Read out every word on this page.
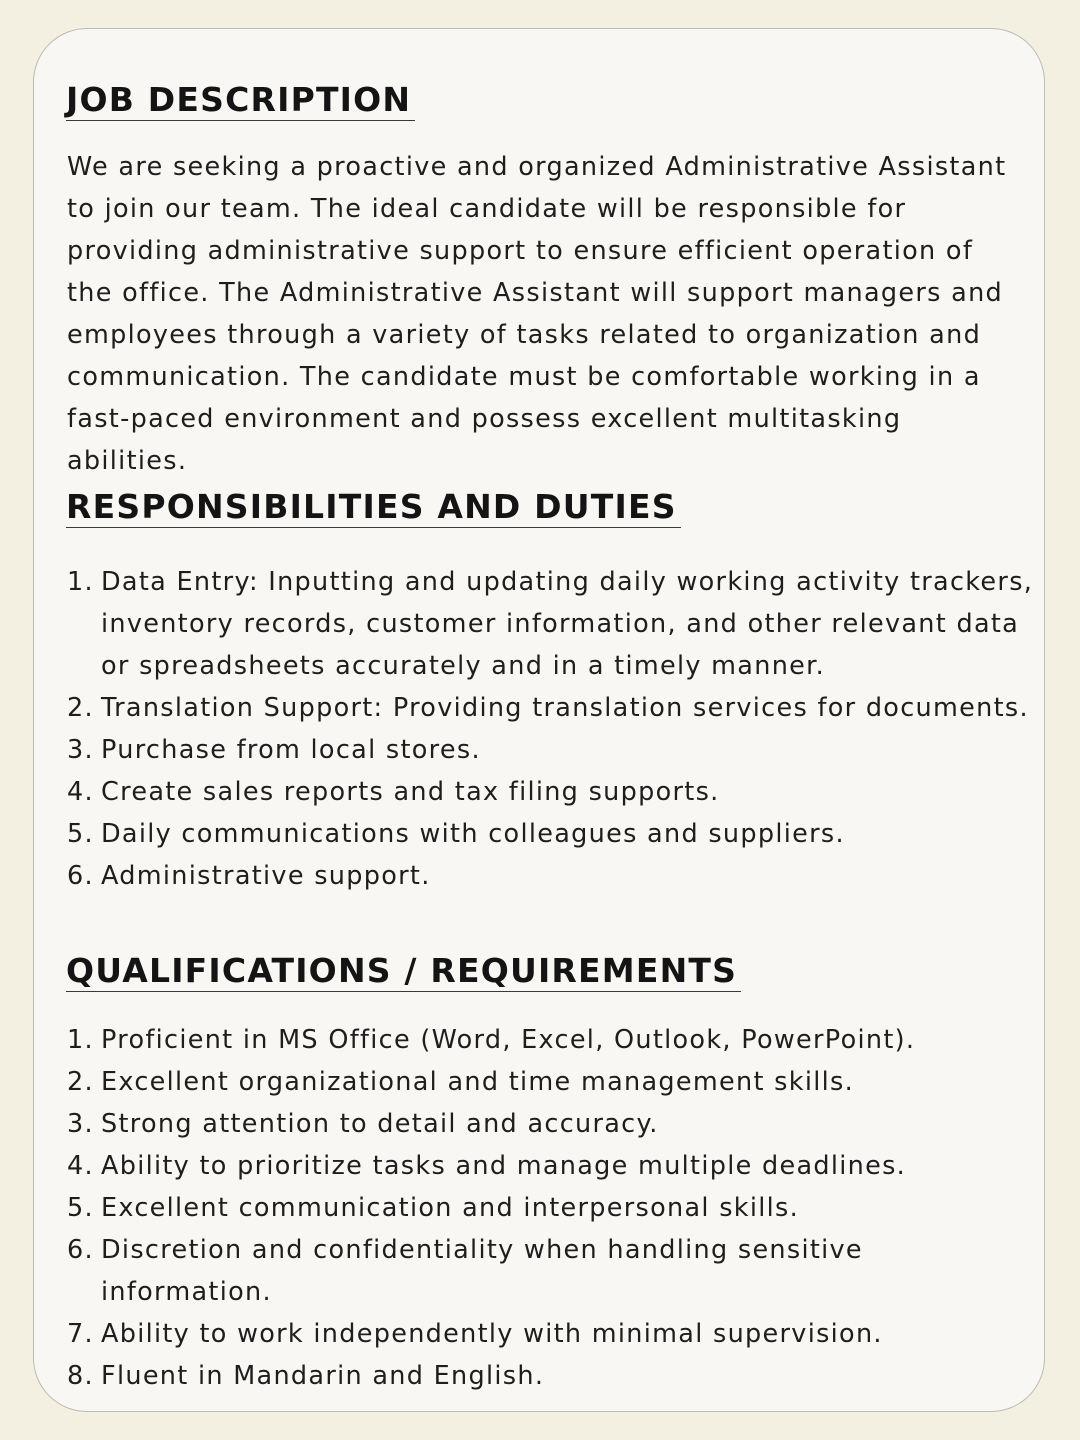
JOB DESCRIPTION

We are seeking a proactive and organized Administrative Assistant to join our team. The ideal candidate will be responsible for providing administrative support to ensure efficient operation of the office. The Administrative Assistant will support managers and employees through a variety of tasks related to organization and communication. The candidate must be comfortable working in a fast-paced environment and possess excellent multitasking abilities.

RESPONSIBILITIES AND DUTIES
1. Data Entry: Inputting and updating daily working activity trackers, inventory records, customer information, and other relevant data or spreadsheets accurately and in a timely manner.
2. Translation Support: Providing translation services for documents.
3. Purchase from local stores.
4. Create sales reports and tax filing supports.
5. Daily communications with colleagues and suppliers.
6. Administrative support.
QUALIFICATIONS / REQUIREMENTS
1. Proficient in MS Office (Word, Excel, Outlook, PowerPoint).
2. Excellent organizational and time management skills.
3. Strong attention to detail and accuracy.
4. Ability to prioritize tasks and manage multiple deadlines.
5. Excellent communication and interpersonal skills.
6. Discretion and confidentiality when handling sensitive information.
7. Ability to work independently with minimal supervision.
8. Fluent in Mandarin and English.
